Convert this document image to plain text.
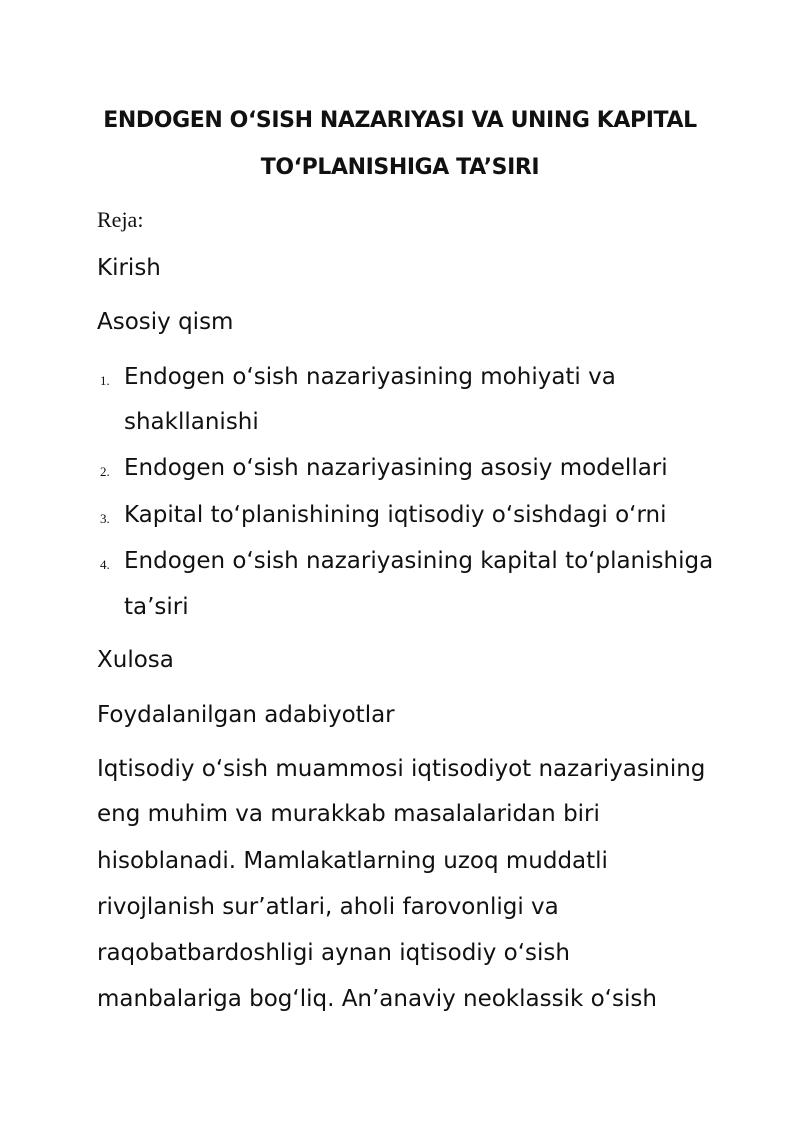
ENDOGEN O‘SISH NAZARIYASI VA UNING KAPITAL
TO‘PLANISHIGA TA’SIRI
Reja:
Kirish
Asosiy qism
1. Endogen o‘sish nazariyasining mohiyati va
shakllanishi
2. Endogen o‘sish nazariyasining asosiy modellari
3. Kapital to‘planishining iqtisodiy o‘sishdagi o‘rni
4. Endogen o‘sish nazariyasining kapital to‘planishiga
ta’siri
Xulosa
Foydalanilgan adabiyotlar
Iqtisodiy o‘sish muammosi iqtisodiyot nazariyasining
eng muhim va murakkab masalalaridan biri
hisoblanadi. Mamlakatlarning uzoq muddatli
rivojlanish sur’atlari, aholi farovonligi va
raqobatbardoshligi aynan iqtisodiy o‘sish
manbalariga bog‘liq. An’anaviy neoklassik o‘sish
